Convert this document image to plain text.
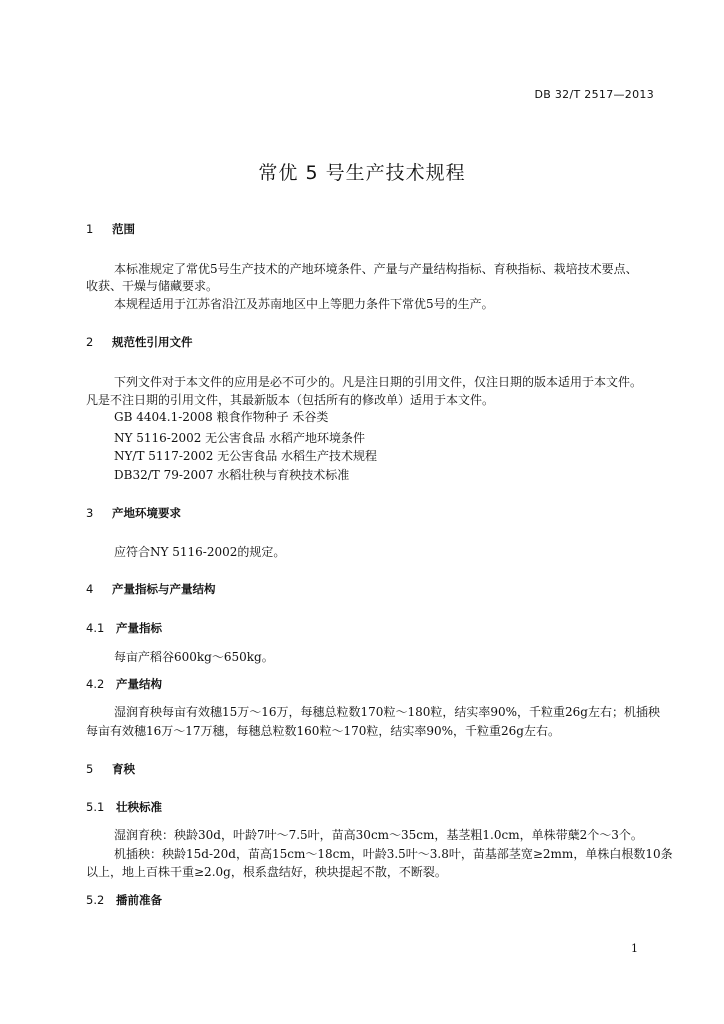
DB 32/T 2517—2013
常优 5 号生产技术规程
1 范围
本标准规定了常优5号生产技术的产地环境条件、产量与产量结构指标、育秧指标、栽培技术要点、
收获、干燥与储藏要求。
本规程适用于江苏省沿江及苏南地区中上等肥力条件下常优5号的生产。
2 规范性引用文件
下列文件对于本文件的应用是必不可少的。凡是注日期的引用文件，仅注日期的版本适用于本文件。
凡是不注日期的引用文件，其最新版本（包括所有的修改单）适用于本文件。
GB 4404.1-2008 粮食作物种子 禾谷类
NY 5116-2002 无公害食品 水稻产地环境条件
NY/T 5117-2002 无公害食品 水稻生产技术规程
DB32/T 79-2007 水稻壮秧与育秧技术标准
3 产地环境要求
应符合NY 5116-2002的规定。
4 产量指标与产量结构
4.1 产量指标
每亩产稻谷600kg～650kg。
4.2 产量结构
湿润育秧每亩有效穗15万～16万，每穗总粒数170粒～180粒，结实率90%，千粒重26g左右；机插秧
每亩有效穗16万～17万穗，每穗总粒数160粒～170粒，结实率90%，千粒重26g左右。
5 育秧
5.1 壮秧标准
湿润育秧：秧龄30d，叶龄7叶～7.5叶，苗高30cm～35cm，基茎粗1.0cm，单株带蘖2个～3个。
机插秧：秧龄15d-20d，苗高15cm～18cm，叶龄3.5叶～3.8叶，苗基部茎宽≥2mm，单株白根数10条
以上，地上百株干重≥2.0g，根系盘结好，秧块提起不散，不断裂。
5.2 播前准备
1
